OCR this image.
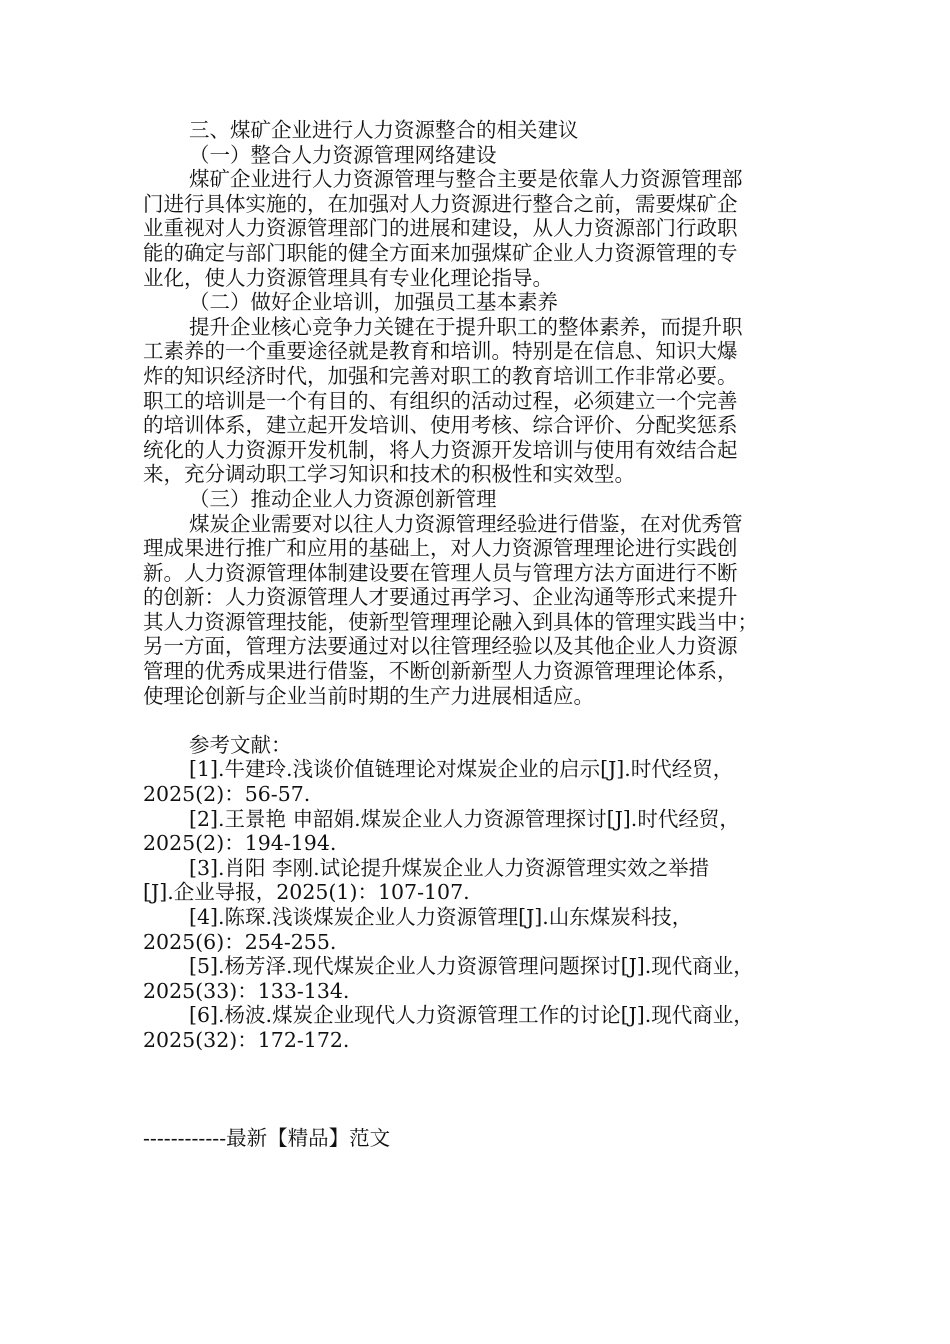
三、煤矿企业进行人力资源整合的相关建议
（一）整合人力资源管理网络建设
煤矿企业进行人力资源管理与整合主要是依靠人力资源管理部
门进行具体实施的，在加强对人力资源进行整合之前，需要煤矿企
业重视对人力资源管理部门的进展和建设，从人力资源部门行政职
能的确定与部门职能的健全方面来加强煤矿企业人力资源管理的专
业化，使人力资源管理具有专业化理论指导。
（二）做好企业培训，加强员工基本素养
提升企业核心竞争力关键在于提升职工的整体素养，而提升职
工素养的一个重要途径就是教育和培训。特别是在信息、知识大爆
炸的知识经济时代，加强和完善对职工的教育培训工作非常必要。
职工的培训是一个有目的、有组织的活动过程，必须建立一个完善
的培训体系，建立起开发培训、使用考核、综合评价、分配奖惩系
统化的人力资源开发机制，将人力资源开发培训与使用有效结合起
来，充分调动职工学习知识和技术的积极性和实效型。
（三）推动企业人力资源创新管理
煤炭企业需要对以往人力资源管理经验进行借鉴，在对优秀管
理成果进行推广和应用的基础上，对人力资源管理理论进行实践创
新。人力资源管理体制建设要在管理人员与管理方法方面进行不断
的创新：人力资源管理人才要通过再学习、企业沟通等形式来提升
其人力资源管理技能，使新型管理理论融入到具体的管理实践当中；
另一方面，管理方法要通过对以往管理经验以及其他企业人力资源
管理的优秀成果进行借鉴，不断创新新型人力资源管理理论体系，
使理论创新与企业当前时期的生产力进展相适应。
参考文献：
[1].牛建玲.浅谈价值链理论对煤炭企业的启示[J].时代经贸，
2025(2)：56-57.
[2].王景艳 申韶娟.煤炭企业人力资源管理探讨[J].时代经贸，
2025(2)：194-194.
[3].肖阳 李刚.试论提升煤炭企业人力资源管理实效之举措
[J].企业导报，2025(1)：107-107.
[4].陈琛.浅谈煤炭企业人力资源管理[J].山东煤炭科技，
2025(6)：254-255.
[5].杨芳泽.现代煤炭企业人力资源管理问题探讨[J].现代商业，
2025(33)：133-134.
[6].杨波.煤炭企业现代人力资源管理工作的讨论[J].现代商业，
2025(32)：172-172.
------------最新【精品】范文
